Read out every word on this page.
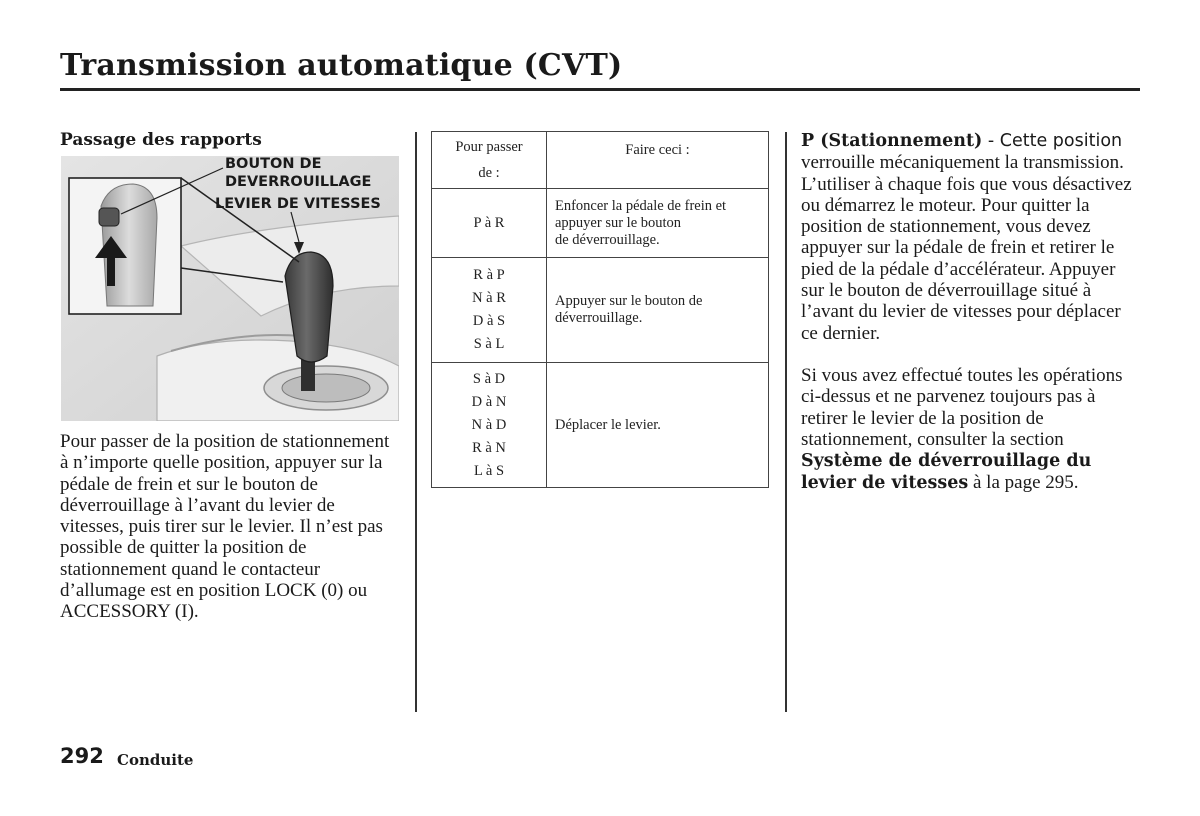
Transmission automatique (CVT)
Passage des rapports
BOUTON DE
DEVERROUILLAGE
LEVIER DE VITESSES
Pour passer de la position de stationnement à n’importe quelle position, appuyer sur la pédale de frein et sur le bouton de déverrouillage à l’avant du levier de vitesses, puis tirer sur le levier. Il n’est pas possible de quitter la position de stationnement quand le contacteur d’allumage est en position LOCK (0) ou ACCESSORY (I).
Pour passer
de :	Faire ceci :

P à R	Enfoncer la pédale de frein et
appuyer sur le bouton
de déverrouillage.

R à P
N à R
D à S
S à L	Appuyer sur le bouton de
déverrouillage.

S à D
D à N
N à D
R à N
L à S	Déplacer le levier.

P (Stationnement) - Cette position verrouille mécaniquement la transmission. L’utiliser à chaque fois que vous désactivez ou démarrez le moteur. Pour quitter la position de stationnement, vous devez appuyer sur la pédale de frein et retirer le pied de la pédale d’accélérateur. Appuyer sur le bouton de déverrouillage situé à l’avant du levier de vitesses pour déplacer ce dernier.

Si vous avez effectué toutes les opérations ci-dessus et ne parvenez toujours pas à retirer le levier de la position de stationnement, consulter la section Système de déverrouillage du levier de vitesses à la page 295.

292 Conduite
